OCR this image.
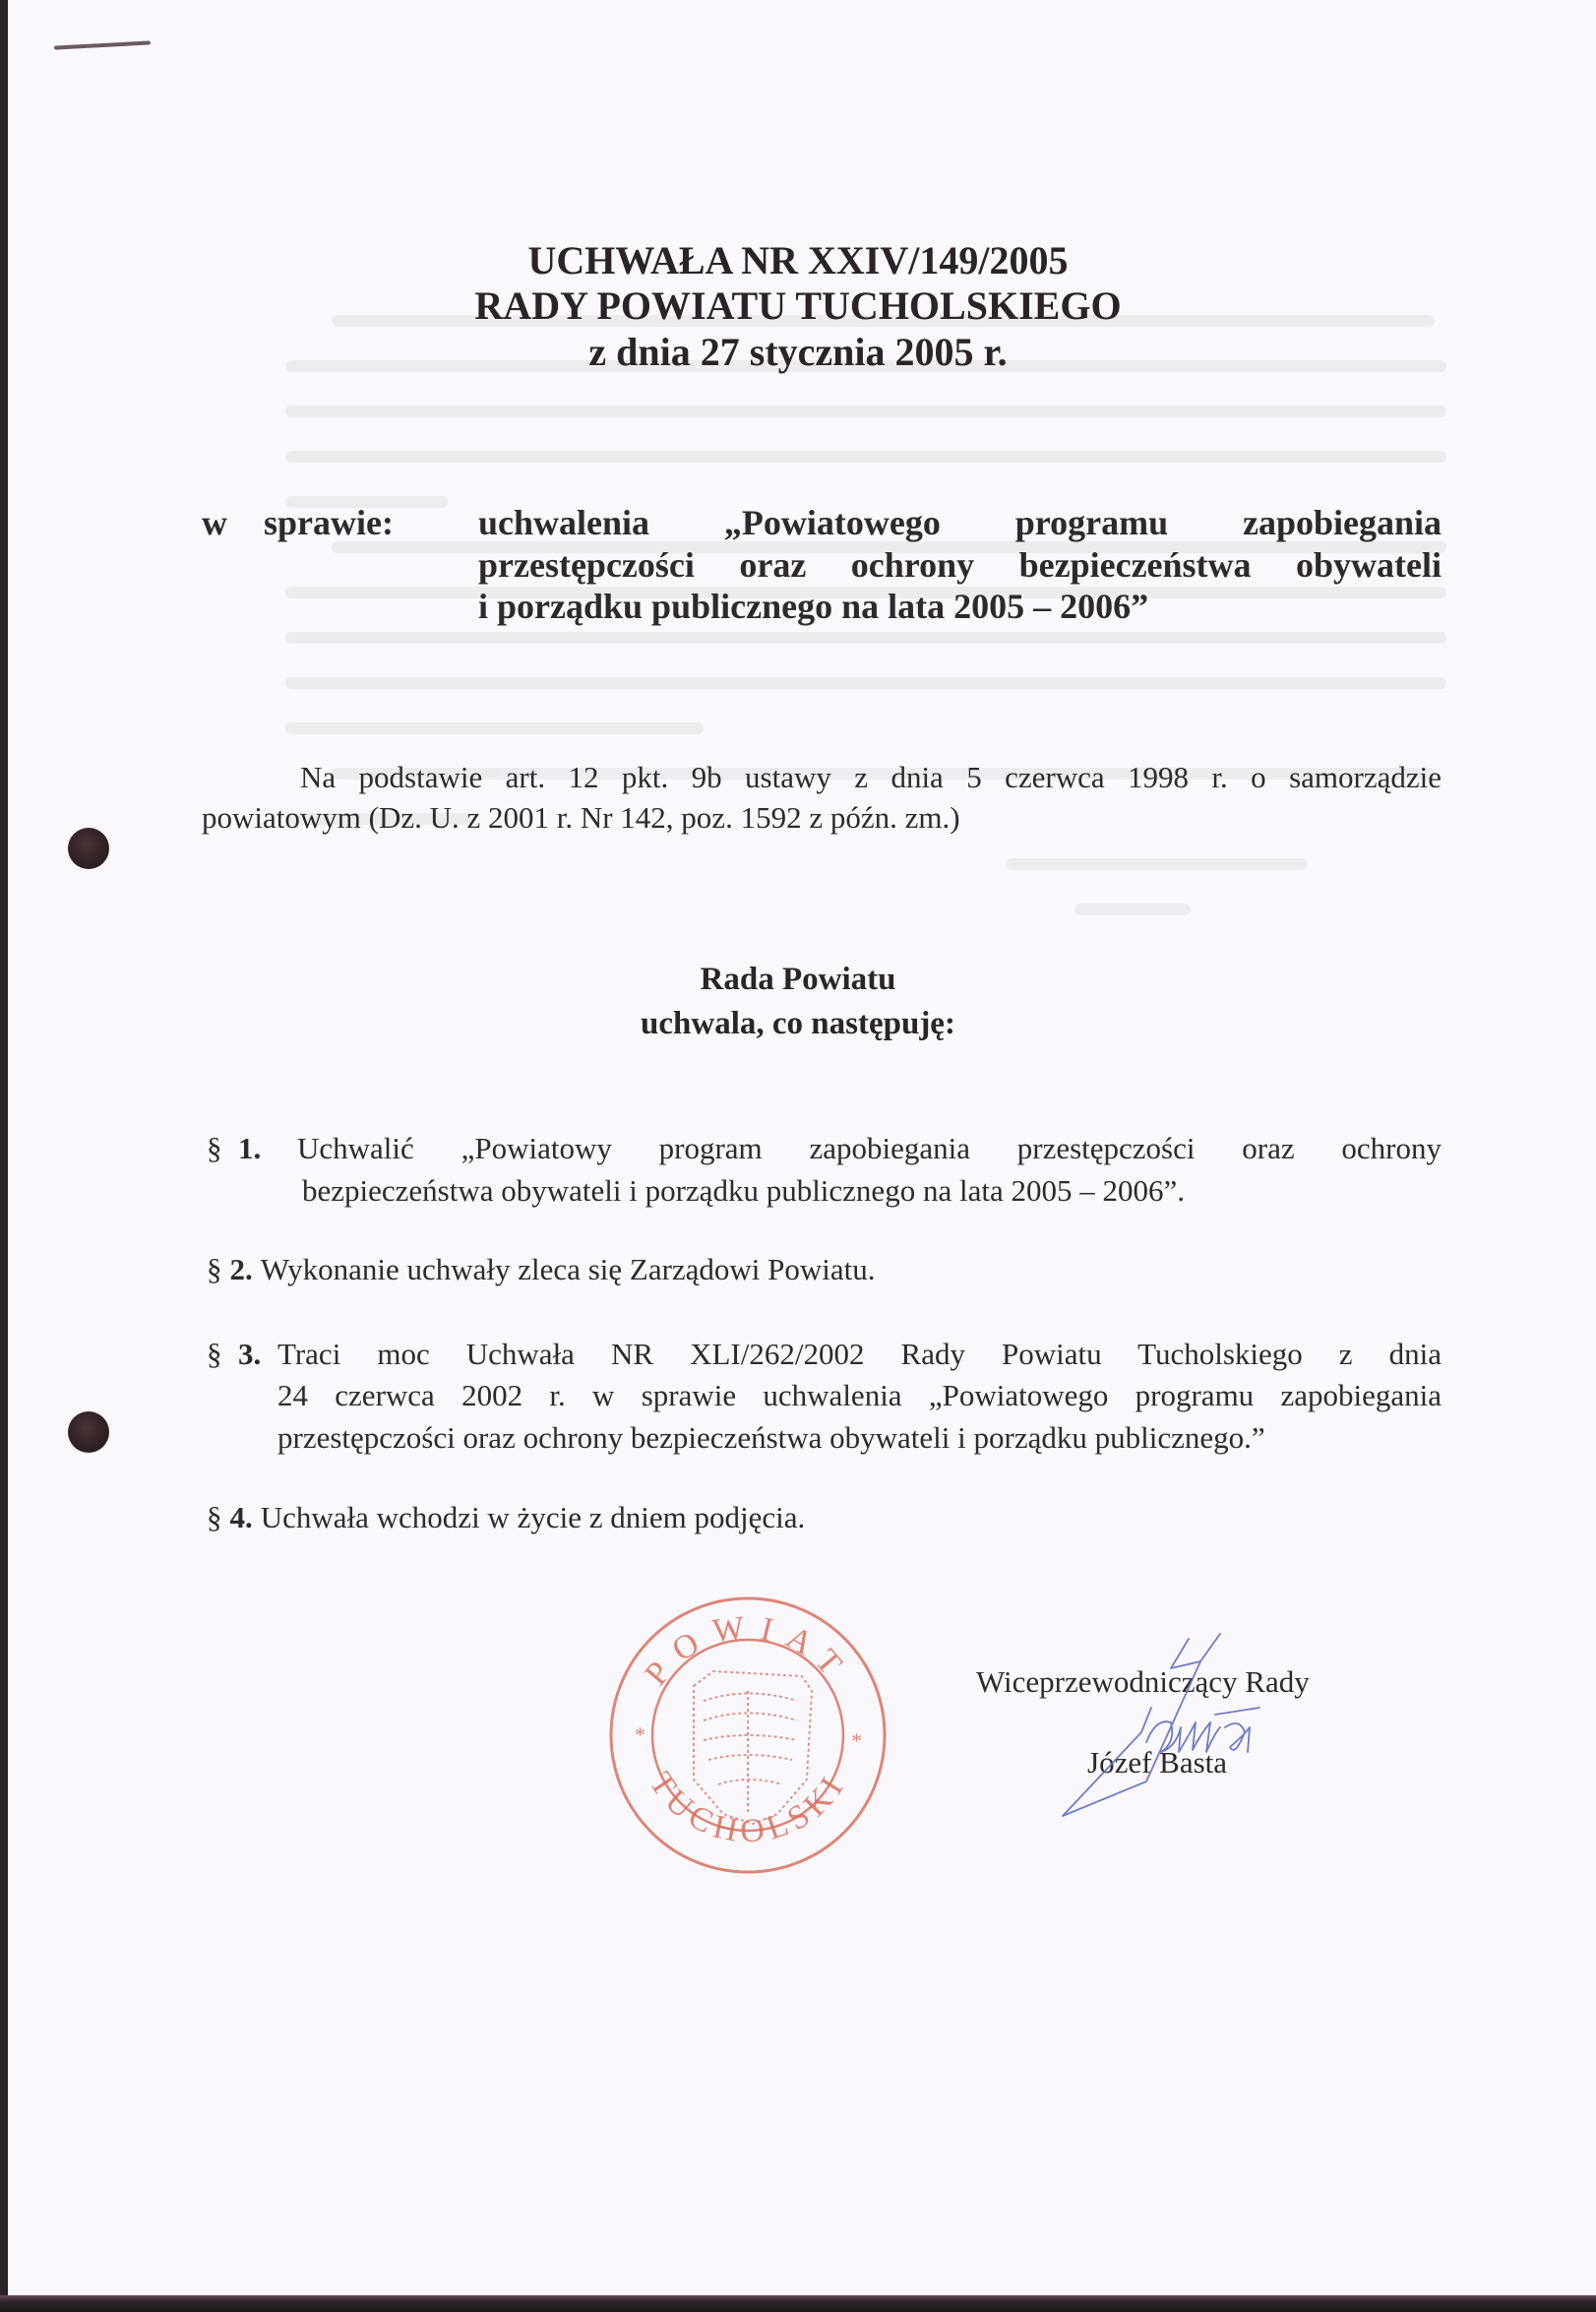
UCHWAŁA NR XXIV/149/2005
RADY POWIATU TUCHOLSKIEGO
z dnia 27 stycznia 2005 r.
w sprawie: uchwalenia „Powiatowego programu zapobiegania
przestępczości oraz ochrony bezpieczeństwa obywateli
i porządku publicznego na lata 2005 – 2006”
Na podstawie art. 12 pkt. 9b ustawy z dnia 5 czerwca 1998 r. o samorządzie
powiatowym (Dz. U. z 2001 r. Nr 142, poz. 1592 z późn. zm.)
Rada Powiatu
uchwala, co następuję:
§ 1.	Uchwalić „Powiatowy program zapobiegania przestępczości oraz ochrony
bezpieczeństwa obywateli i porządku publicznego na lata 2005 – 2006”.
§ 2. Wykonanie uchwały zleca się Zarządowi Powiatu.
§ 3. Traci moc Uchwała NR XLI/262/2002 Rady Powiatu Tucholskiego z dnia
24 czerwca 2002 r. w sprawie uchwalenia „Powiatowego programu zapobiegania
przestępczości oraz ochrony bezpieczeństwa obywateli i porządku publicznego.”
§ 4. Uchwała wchodzi w życie z dniem podjęcia.
POWIAT
TUCHOLSKI
*	*
Wiceprzewodniczący Rady
Józef Basta
